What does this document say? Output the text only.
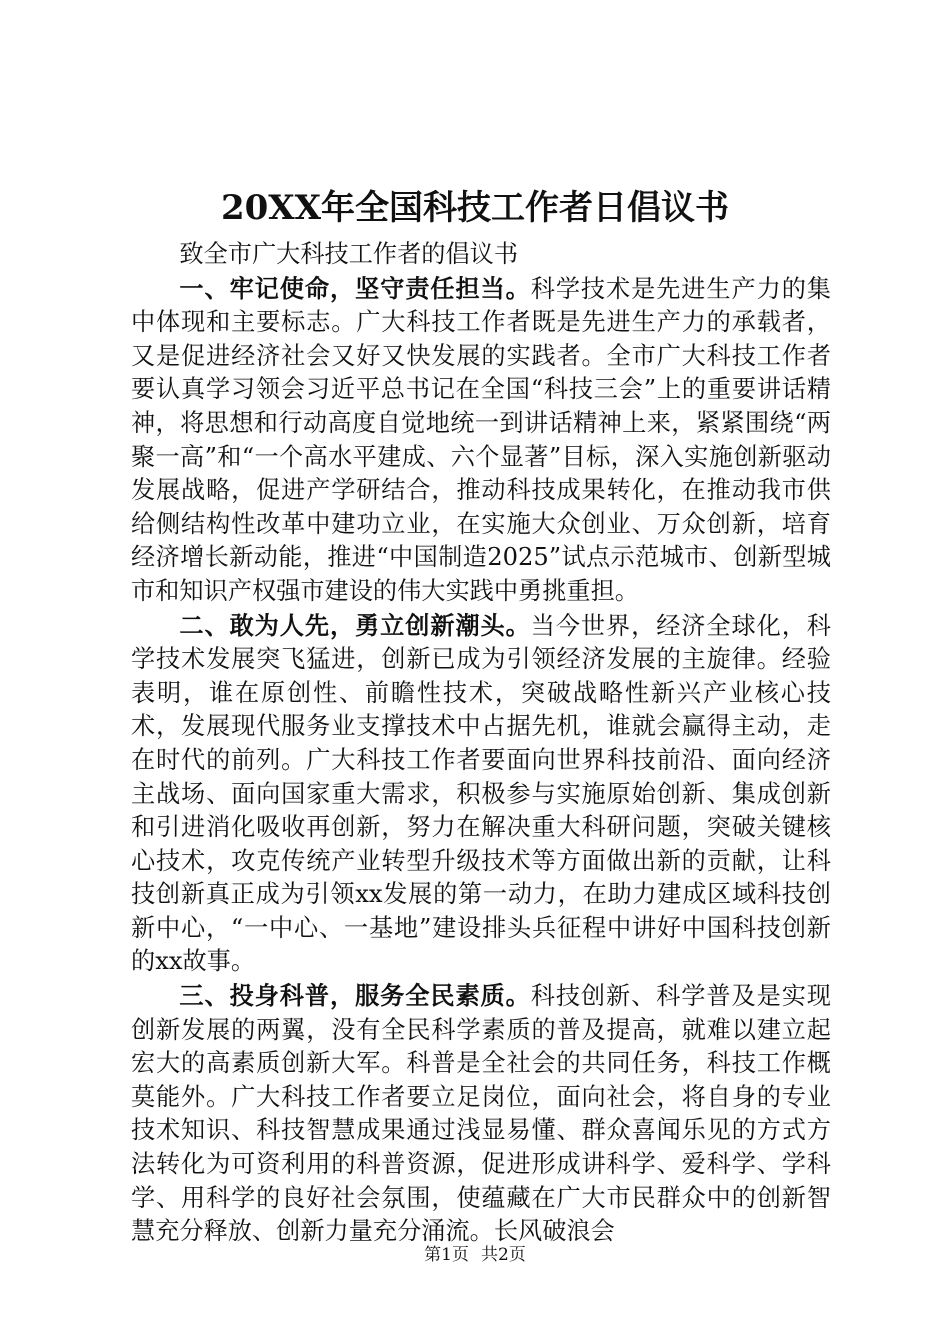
20XX年全国科技工作者日倡议书

致全市广大科技工作者的倡议书

一、牢记使命，坚守责任担当。科学技术是先进生产力的集中体现和主要标志。广大科技工作者既是先进生产力的承载者，又是促进经济社会又好又快发展的实践者。全市广大科技工作者要认真学习领会习近平总书记在全国“科技三会”上的重要讲话精神，将思想和行动高度自觉地统一到讲话精神上来，紧紧围绕“两聚一高”和“一个高水平建成、六个显著”目标，深入实施创新驱动发展战略，促进产学研结合，推动科技成果转化，在推动我市供给侧结构性改革中建功立业，在实施大众创业、万众创新，培育经济增长新动能，推进“中国制造2025”试点示范城市、创新型城市和知识产权强市建设的伟大实践中勇挑重担。

二、敢为人先，勇立创新潮头。当今世界，经济全球化，科学技术发展突飞猛进，创新已成为引领经济发展的主旋律。经验表明，谁在原创性、前瞻性技术，突破战略性新兴产业核心技术，发展现代服务业支撑技术中占据先机，谁就会赢得主动，走在时代的前列。广大科技工作者要面向世界科技前沿、面向经济主战场、面向国家重大需求，积极参与实施原始创新、集成创新和引进消化吸收再创新，努力在解决重大科研问题，突破关键核心技术，攻克传统产业转型升级技术等方面做出新的贡献，让科技创新真正成为引领xx发展的第一动力，在助力建成区域科技创新中心，“一中心、一基地”建设排头兵征程中讲好中国科技创新的xx故事。

三、投身科普，服务全民素质。科技创新、科学普及是实现创新发展的两翼，没有全民科学素质的普及提高，就难以建立起宏大的高素质创新大军。科普是全社会的共同任务，科技工作概莫能外。广大科技工作者要立足岗位，面向社会，将自身的专业技术知识、科技智慧成果通过浅显易懂、群众喜闻乐见的方式方法转化为可资利用的科普资源，促进形成讲科学、爱科学、学科学、用科学的良好社会氛围，使蕴藏在广大市民群众中的创新智慧充分释放、创新力量充分涌流。长风破浪会

第1页 共2页
